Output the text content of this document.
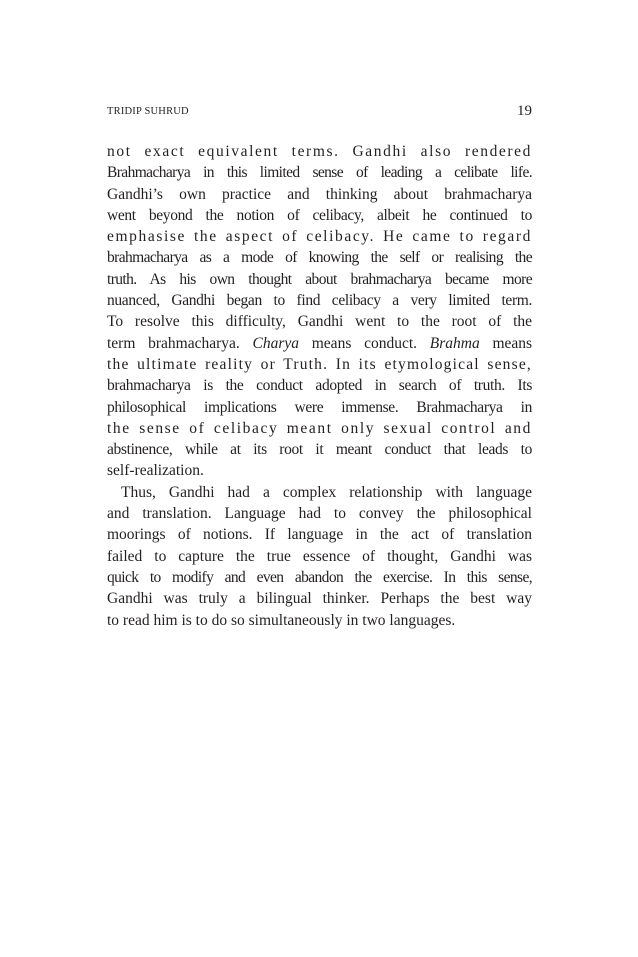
TRIDIP SUHRUD	19
not exact equivalent terms. Gandhi also rendered
Brahmacharya in this limited sense of leading a celibate life.
Gandhi’s own practice and thinking about brahmacharya
went beyond the notion of celibacy, albeit he continued to
emphasise the aspect of celibacy. He came to regard
brahmacharya as a mode of knowing the self or realising the
truth. As his own thought about brahmacharya became more
nuanced, Gandhi began to find celibacy a very limited term.
To resolve this difficulty, Gandhi went to the root of the
term brahmacharya. Charya means conduct. Brahma means
the ultimate reality or Truth. In its etymological sense,
brahmacharya is the conduct adopted in search of truth. Its
philosophical implications were immense. Brahmacharya in
the sense of celibacy meant only sexual control and
abstinence, while at its root it meant conduct that leads to
self-realization.
Thus, Gandhi had a complex relationship with language
and translation. Language had to convey the philosophical
moorings of notions. If language in the act of translation
failed to capture the true essence of thought, Gandhi was
quick to modify and even abandon the exercise. In this sense,
Gandhi was truly a bilingual thinker. Perhaps the best way
to read him is to do so simultaneously in two languages.
